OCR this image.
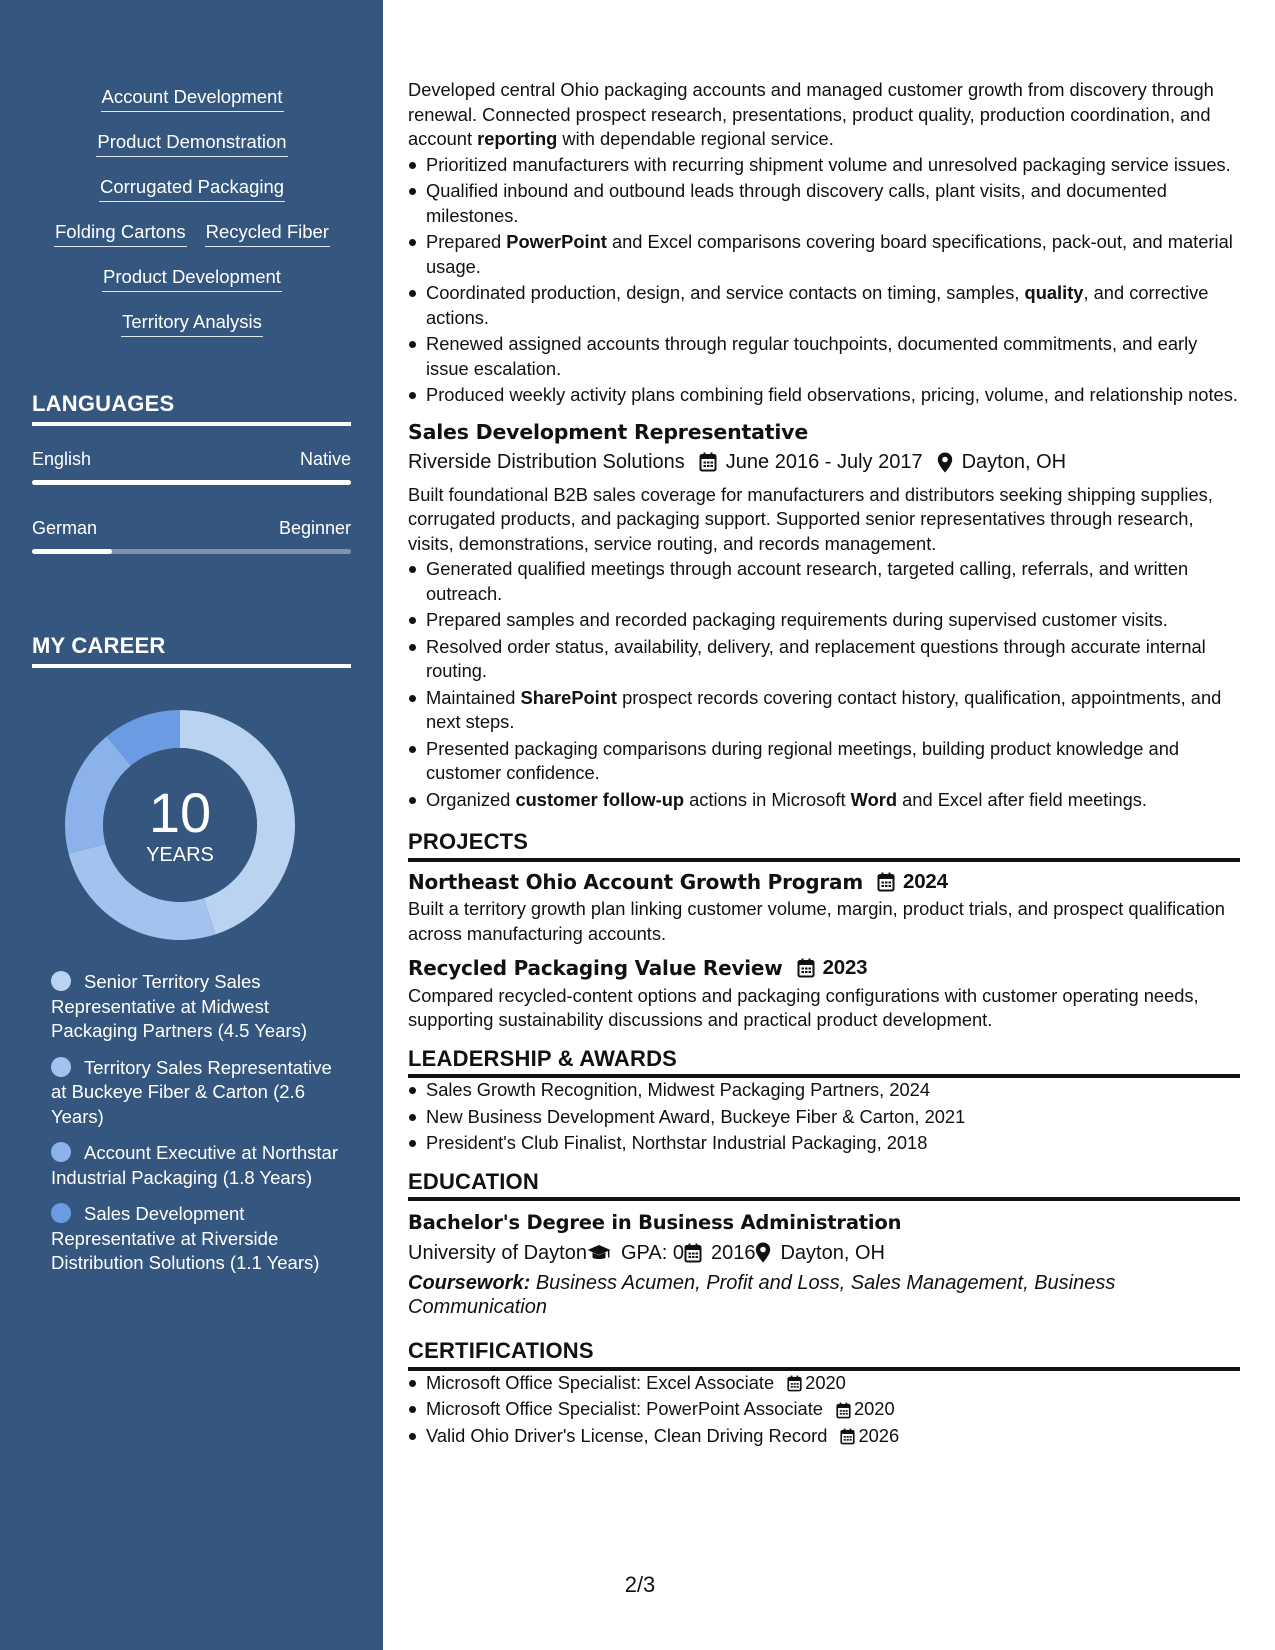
Account Development
Product Demonstration
Corrugated Packaging
Folding Cartons Recycled Fiber
Product Development
Territory Analysis
LANGUAGES
English	Native
German	Beginner
MY CAREER
10
YEARS
Senior Territory Sales Representative at Midwest Packaging Partners (4.5 Years)
Territory Sales Representative at Buckeye Fiber & Carton (2.6 Years)
Account Executive at Northstar Industrial Packaging (1.8 Years)
Sales Development Representative at Riverside Distribution Solutions (1.1 Years)
Developed central Ohio packaging accounts and managed customer growth from discovery through renewal. Connected prospect research, presentations, product quality, production coordination, and account reporting with dependable regional service.
Prioritized manufacturers with recurring shipment volume and unresolved packaging service issues.
Qualified inbound and outbound leads through discovery calls, plant visits, and documented milestones.
Prepared PowerPoint and Excel comparisons covering board specifications, pack-out, and material usage.
Coordinated production, design, and service contacts on timing, samples, quality, and corrective actions.
Renewed assigned accounts through regular touchpoints, documented commitments, and early issue escalation.
Produced weekly activity plans combining field observations, pricing, volume, and relationship notes.
Sales Development Representative
Riverside Distribution Solutions June 2016 - July 2017 Dayton, OH
Built foundational B2B sales coverage for manufacturers and distributors seeking shipping supplies, corrugated products, and packaging support. Supported senior representatives through research, visits, demonstrations, service routing, and records management.
Generated qualified meetings through account research, targeted calling, referrals, and written outreach.
Prepared samples and recorded packaging requirements during supervised customer visits.
Resolved order status, availability, delivery, and replacement questions through accurate internal routing.
Maintained SharePoint prospect records covering contact history, qualification, appointments, and next steps.
Presented packaging comparisons during regional meetings, building product knowledge and customer confidence.
Organized customer follow-up actions in Microsoft Word and Excel after field meetings.
PROJECTS
Northeast Ohio Account Growth Program 2024
Built a territory growth plan linking customer volume, margin, product trials, and prospect qualification across manufacturing accounts.
Recycled Packaging Value Review 2023
Compared recycled-content options and packaging configurations with customer operating needs, supporting sustainability discussions and practical product development.
LEADERSHIP & AWARDS
Sales Growth Recognition, Midwest Packaging Partners, 2024
New Business Development Award, Buckeye Fiber & Carton, 2021
President's Club Finalist, Northstar Industrial Packaging, 2018
EDUCATION
Bachelor's Degree in Business Administration
University of Dayton GPA: 0 2016 Dayton, OH
Coursework: Business Acumen, Profit and Loss, Sales Management, Business Communication
CERTIFICATIONS
Microsoft Office Specialist: Excel Associate 2020
Microsoft Office Specialist: PowerPoint Associate 2020
Valid Ohio Driver's License, Clean Driving Record 2026
2/3
